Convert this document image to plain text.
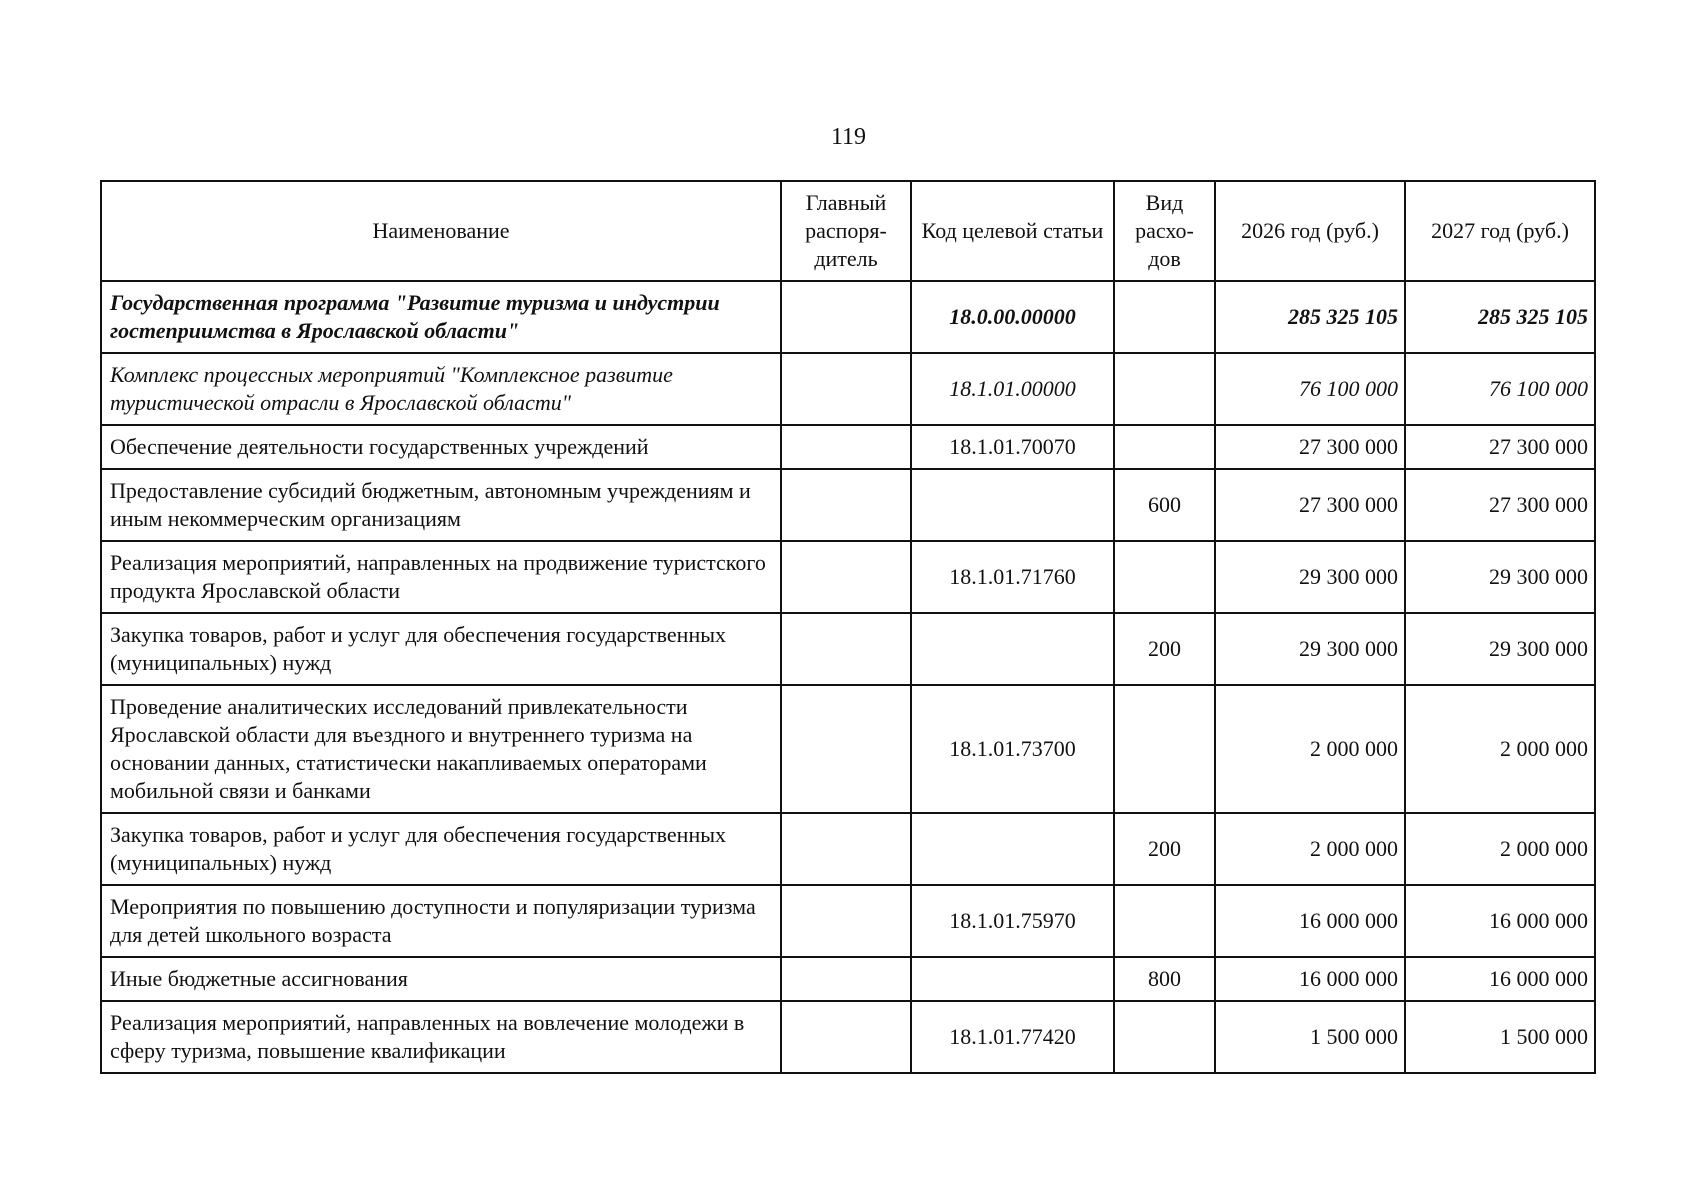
119
Наименование	Главный распоря-дитель	Код целевой статьи	Вид расхо-дов	2026 год (руб.)	2027 год (руб.)
Государственная программа "Развитие туризма и индустрии гостеприимства в Ярославской области"		18.0.00.00000		285 325 105	285 325 105
Комплекс процессных мероприятий "Комплексное развитие туристической отрасли в Ярославской области"		18.1.01.00000		76 100 000	76 100 000
Обеспечение деятельности государственных учреждений		18.1.01.70070		27 300 000	27 300 000
Предоставление субсидий бюджетным, автономным учреждениям и иным некоммерческим организациям			600	27 300 000	27 300 000
Реализация мероприятий, направленных на продвижение туристского продукта Ярославской области		18.1.01.71760		29 300 000	29 300 000
Закупка товаров, работ и услуг для обеспечения государственных (муниципальных) нужд			200	29 300 000	29 300 000
Проведение аналитических исследований привлекательности Ярославской области для въездного и внутреннего туризма на основании данных, статистически накапливаемых операторами мобильной связи и банками		18.1.01.73700		2 000 000	2 000 000
Закупка товаров, работ и услуг для обеспечения государственных (муниципальных) нужд			200	2 000 000	2 000 000
Мероприятия по повышению доступности и популяризации туризма для детей школьного возраста		18.1.01.75970		16 000 000	16 000 000
Иные бюджетные ассигнования			800	16 000 000	16 000 000
Реализация мероприятий, направленных на вовлечение молодежи в сферу туризма, повышение квалификации		18.1.01.77420		1 500 000	1 500 000
